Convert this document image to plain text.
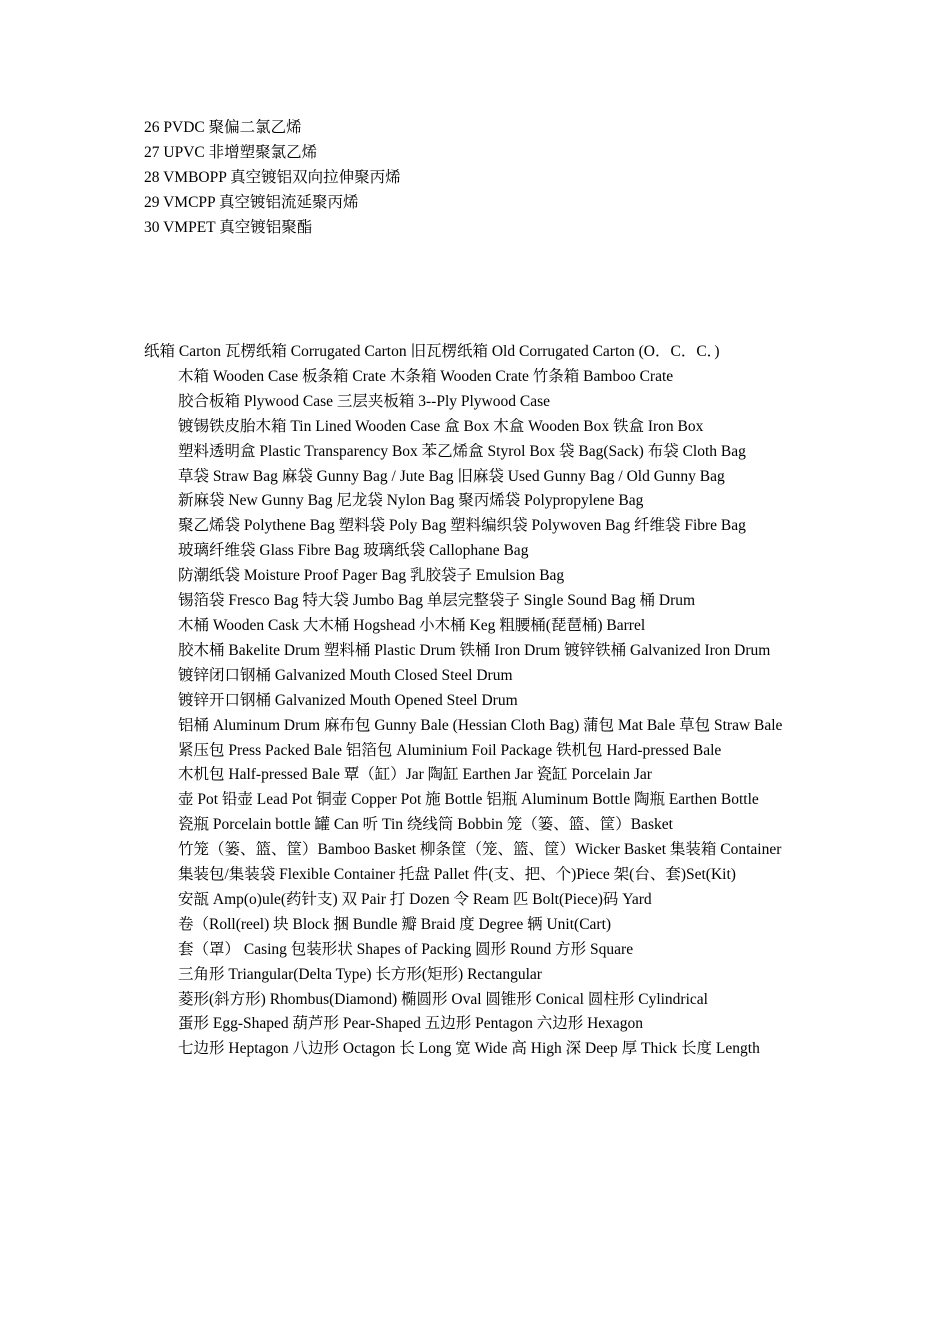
26 PVDC 聚偏二氯乙烯
27 UPVC 非增塑聚氯乙烯
28 VMBOPP 真空镀铝双向拉伸聚丙烯
29 VMCPP 真空镀铝流延聚丙烯
30 VMPET 真空镀铝聚酯
纸箱 Carton 瓦楞纸箱 Corrugated Carton 旧瓦楞纸箱 Old Corrugated Carton (O．C．C．)
木箱 Wooden Case 板条箱 Crate 木条箱 Wooden Crate 竹条箱 Bamboo Crate
胶合板箱 Plywood Case 三层夹板箱 3--Ply Plywood Case
镀锡铁皮胎木箱 Tin Lined Wooden Case 盒 Box 木盒 Wooden Box 铁盒 Iron Box
塑料透明盒 Plastic Transparency Box 苯乙烯盒 Styrol Box 袋 Bag(Sack) 布袋 Cloth Bag
草袋 Straw Bag 麻袋 Gunny Bag / Jute Bag 旧麻袋 Used Gunny Bag / Old Gunny Bag
新麻袋 New Gunny Bag 尼龙袋 Nylon Bag 聚丙烯袋 Polypropylene Bag
聚乙烯袋 Polythene Bag 塑料袋 Poly Bag 塑料编织袋 Polywoven Bag 纤维袋 Fibre Bag
玻璃纤维袋 Glass Fibre Bag 玻璃纸袋 Callophane Bag
防潮纸袋 Moisture Proof Pager Bag 乳胶袋子 Emulsion Bag
锡箔袋 Fresco Bag 特大袋 Jumbo Bag 单层完整袋子 Single Sound Bag 桶 Drum
木桶 Wooden Cask 大木桶 Hogshead 小木桶 Keg 粗腰桶(琵琶桶) Barrel
胶木桶 Bakelite Drum 塑料桶 Plastic Drum 铁桶 Iron Drum 镀锌铁桶 Galvanized Iron Drum
镀锌闭口钢桶 Galvanized Mouth Closed Steel Drum
镀锌开口钢桶 Galvanized Mouth Opened Steel Drum
铝桶 Aluminum Drum 麻布包 Gunny Bale (Hessian Cloth Bag) 蒲包 Mat Bale 草包 Straw Bale
紧压包 Press Packed Bale 铝箔包 Aluminium Foil Package 铁机包 Hard-pressed Bale
木机包 Half-pressed Bale 覃（缸）Jar 陶缸 Earthen Jar 瓷缸 Porcelain Jar
壶 Pot 铅壶 Lead Pot 铜壶 Copper Pot 施 Bottle 铝瓶 Aluminum Bottle 陶瓶 Earthen Bottle
瓷瓶 Porcelain bottle 罐 Can 听 Tin 绕线筒 Bobbin 笼（篓、篮、筐）Basket
竹笼（篓、篮、筐）Bamboo Basket 柳条筐（笼、篮、筐）Wicker Basket 集装箱 Container
集装包/集装袋 Flexible Container 托盘 Pallet 件(支、把、个)Piece 架(台、套)Set(Kit)
安瓿 Amp(o)ule(药针支) 双 Pair 打 Dozen 令 Ream 匹 Bolt(Piece)码 Yard
卷（Roll(reel) 块 Block 捆 Bundle 瓣 Braid 度 Degree 辆 Unit(Cart)
套（罩） Casing 包装形状 Shapes of Packing 圆形 Round 方形 Square
三角形 Triangular(Delta Type) 长方形(矩形) Rectangular
菱形(斜方形) Rhombus(Diamond) 椭圆形 Oval 圆锥形 Conical 圆柱形 Cylindrical
蛋形 Egg-Shaped 葫芦形 Pear-Shaped 五边形 Pentagon 六边形 Hexagon
七边形 Heptagon 八边形 Octagon 长 Long 宽 Wide 高 High 深 Deep 厚 Thick 长度 Length
